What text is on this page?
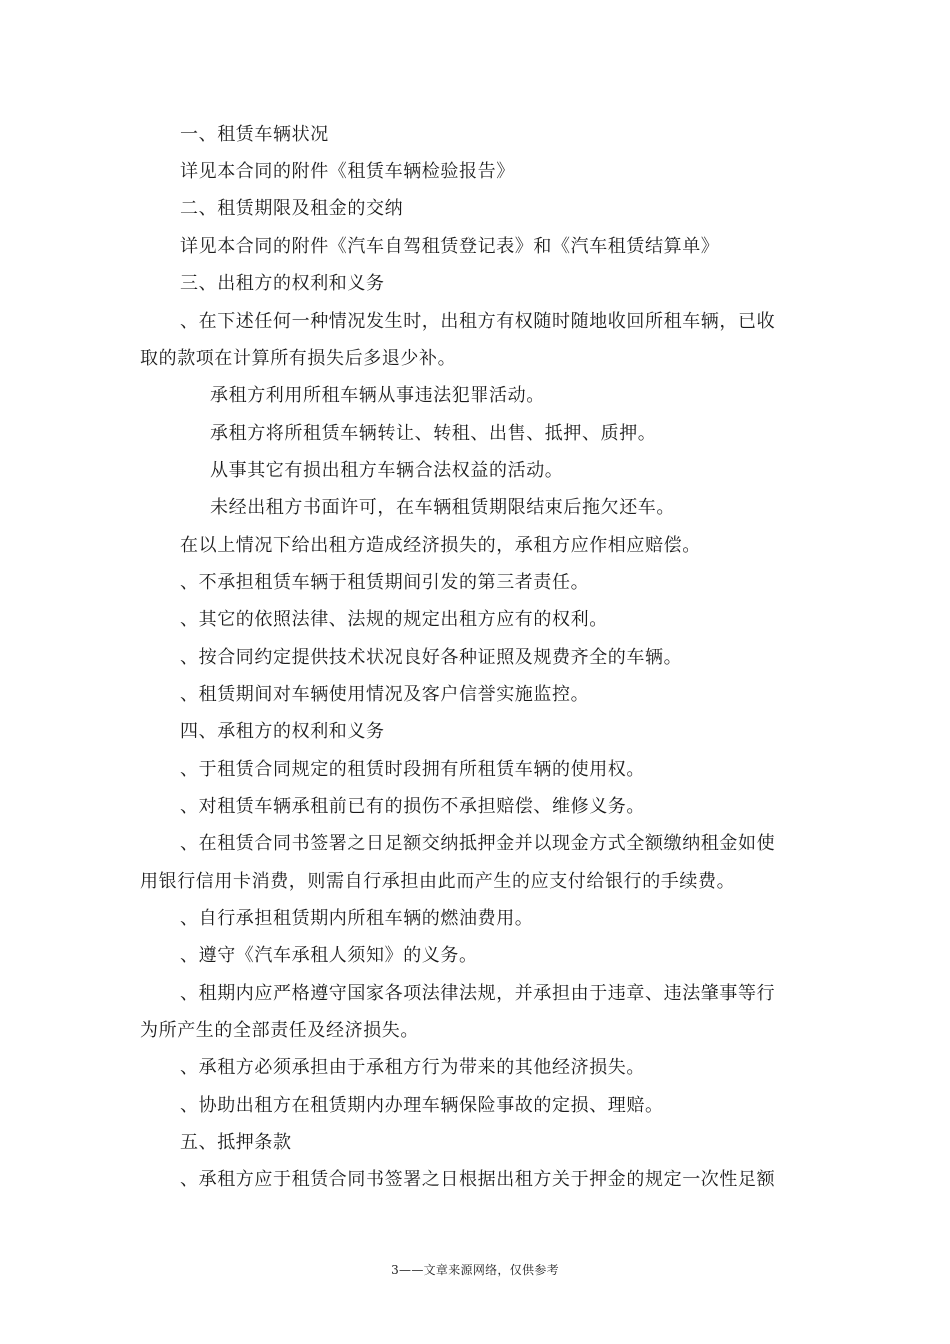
一、租赁车辆状况
详见本合同的附件《租赁车辆检验报告》
二、租赁期限及租金的交纳
详见本合同的附件《汽车自驾租赁登记表》和《汽车租赁结算单》
三、出租方的权利和义务
、在下述任何一种情况发生时，出租方有权随时随地收回所租车辆，已收
取的款项在计算所有损失后多退少补。
承租方利用所租车辆从事违法犯罪活动。
承租方将所租赁车辆转让、转租、出售、抵押、质押。
从事其它有损出租方车辆合法权益的活动。
未经出租方书面许可，在车辆租赁期限结束后拖欠还车。
在以上情况下给出租方造成经济损失的，承租方应作相应赔偿。
、不承担租赁车辆于租赁期间引发的第三者责任。
、其它的依照法律、法规的规定出租方应有的权利。
、按合同约定提供技术状况良好各种证照及规费齐全的车辆。
、租赁期间对车辆使用情况及客户信誉实施监控。
四、承租方的权利和义务
、于租赁合同规定的租赁时段拥有所租赁车辆的使用权。
、对租赁车辆承租前已有的损伤不承担赔偿、维修义务。
、在租赁合同书签署之日足额交纳抵押金并以现金方式全额缴纳租金如使
用银行信用卡消费，则需自行承担由此而产生的应支付给银行的手续费。
、自行承担租赁期内所租车辆的燃油费用。
、遵守《汽车承租人须知》的义务。
、租期内应严格遵守国家各项法律法规，并承担由于违章、违法肇事等行
为所产生的全部责任及经济损失。
、承租方必须承担由于承租方行为带来的其他经济损失。
、协助出租方在租赁期内办理车辆保险事故的定损、理赔。
五、抵押条款
、承租方应于租赁合同书签署之日根据出租方关于押金的规定一次性足额
3——文章来源网络，仅供参考
